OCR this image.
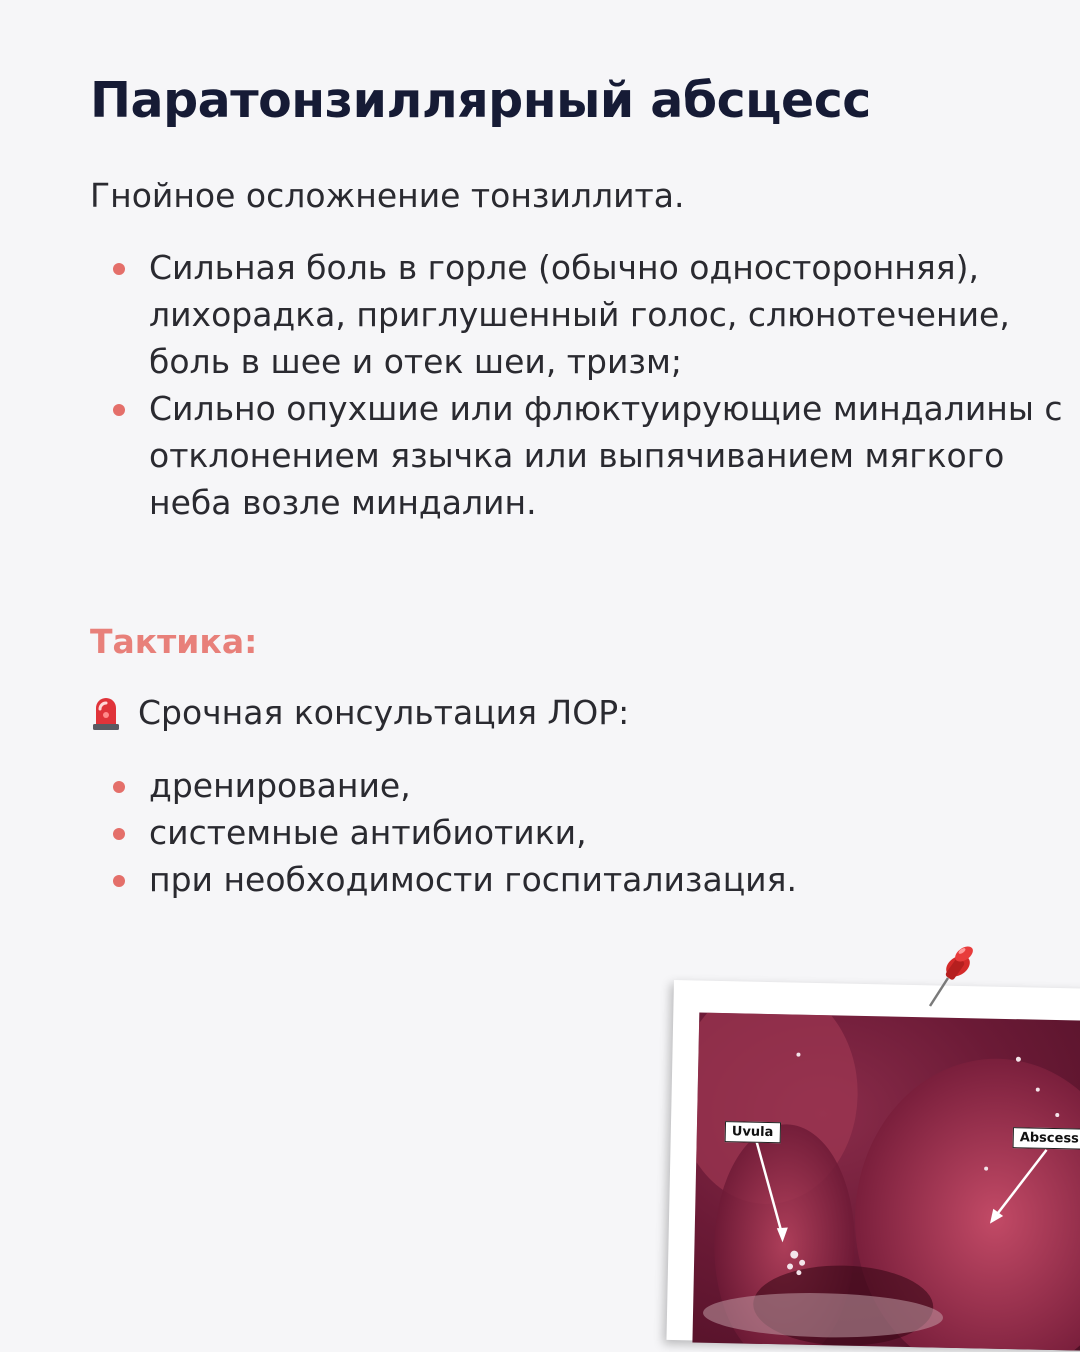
Паратонзиллярный абсцесс

Гнойное осложнение тонзиллита.

Сильная боль в горле (обычно односторонняя), лихорадка, приглушенный голос, слюнотечение, боль в шее и отек шеи, тризм;
Сильно опухшие или флюктуирующие миндалины с отклонением язычка или выпячиванием мягкого неба возле миндалин.
Тактика:
Срочная консультация ЛОР:
дренирование,
системные антибиотики,
при необходимости госпитализация.
Uvula	Abscess
